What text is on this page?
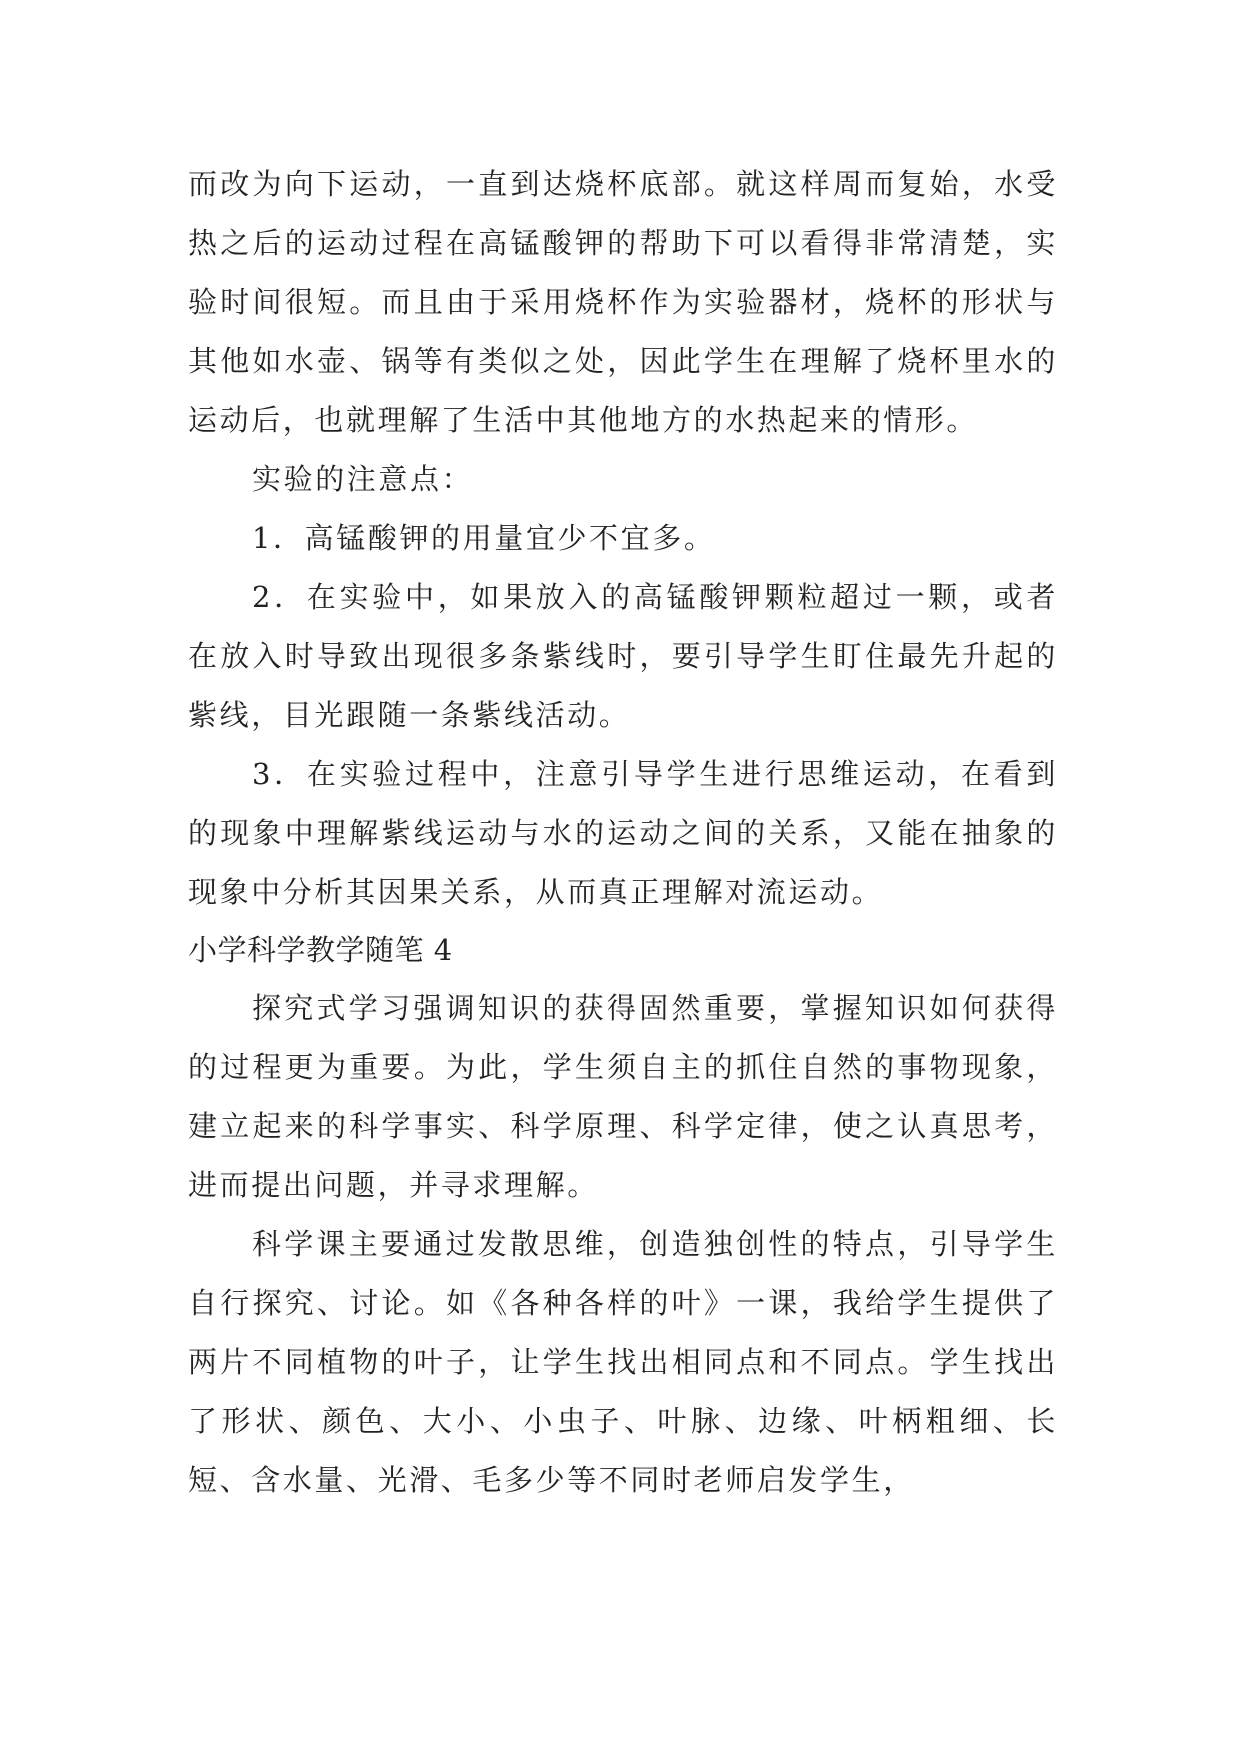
而改为向下运动，一直到达烧杯底部。就这样周而复始，水受热之后的运动过程在高锰酸钾的帮助下可以看得非常清楚，实验时间很短。而且由于采用烧杯作为实验器材，烧杯的形状与其他如水壶、锅等有类似之处，因此学生在理解了烧杯里水的运动后，也就理解了生活中其他地方的水热起来的情形。

实验的注意点：

1．高锰酸钾的用量宜少不宜多。

2．在实验中，如果放入的高锰酸钾颗粒超过一颗，或者在放入时导致出现很多条紫线时，要引导学生盯住最先升起的紫线，目光跟随一条紫线活动。

3．在实验过程中，注意引导学生进行思维运动，在看到的现象中理解紫线运动与水的运动之间的关系，又能在抽象的现象中分析其因果关系，从而真正理解对流运动。

小学科学教学随笔 4

探究式学习强调知识的获得固然重要，掌握知识如何获得的过程更为重要。为此，学生须自主的抓住自然的事物现象，建立起来的科学事实、科学原理、科学定律，使之认真思考，进而提出问题，并寻求理解。

科学课主要通过发散思维，创造独创性的特点，引导学生自行探究、讨论。如《各种各样的叶》一课，我给学生提供了两片不同植物的叶子，让学生找出相同点和不同点。学生找出了形状、颜色、大小、小虫子、叶脉、边缘、叶柄粗细、长短、含水量、光滑、毛多少等不同时老师启发学生，
